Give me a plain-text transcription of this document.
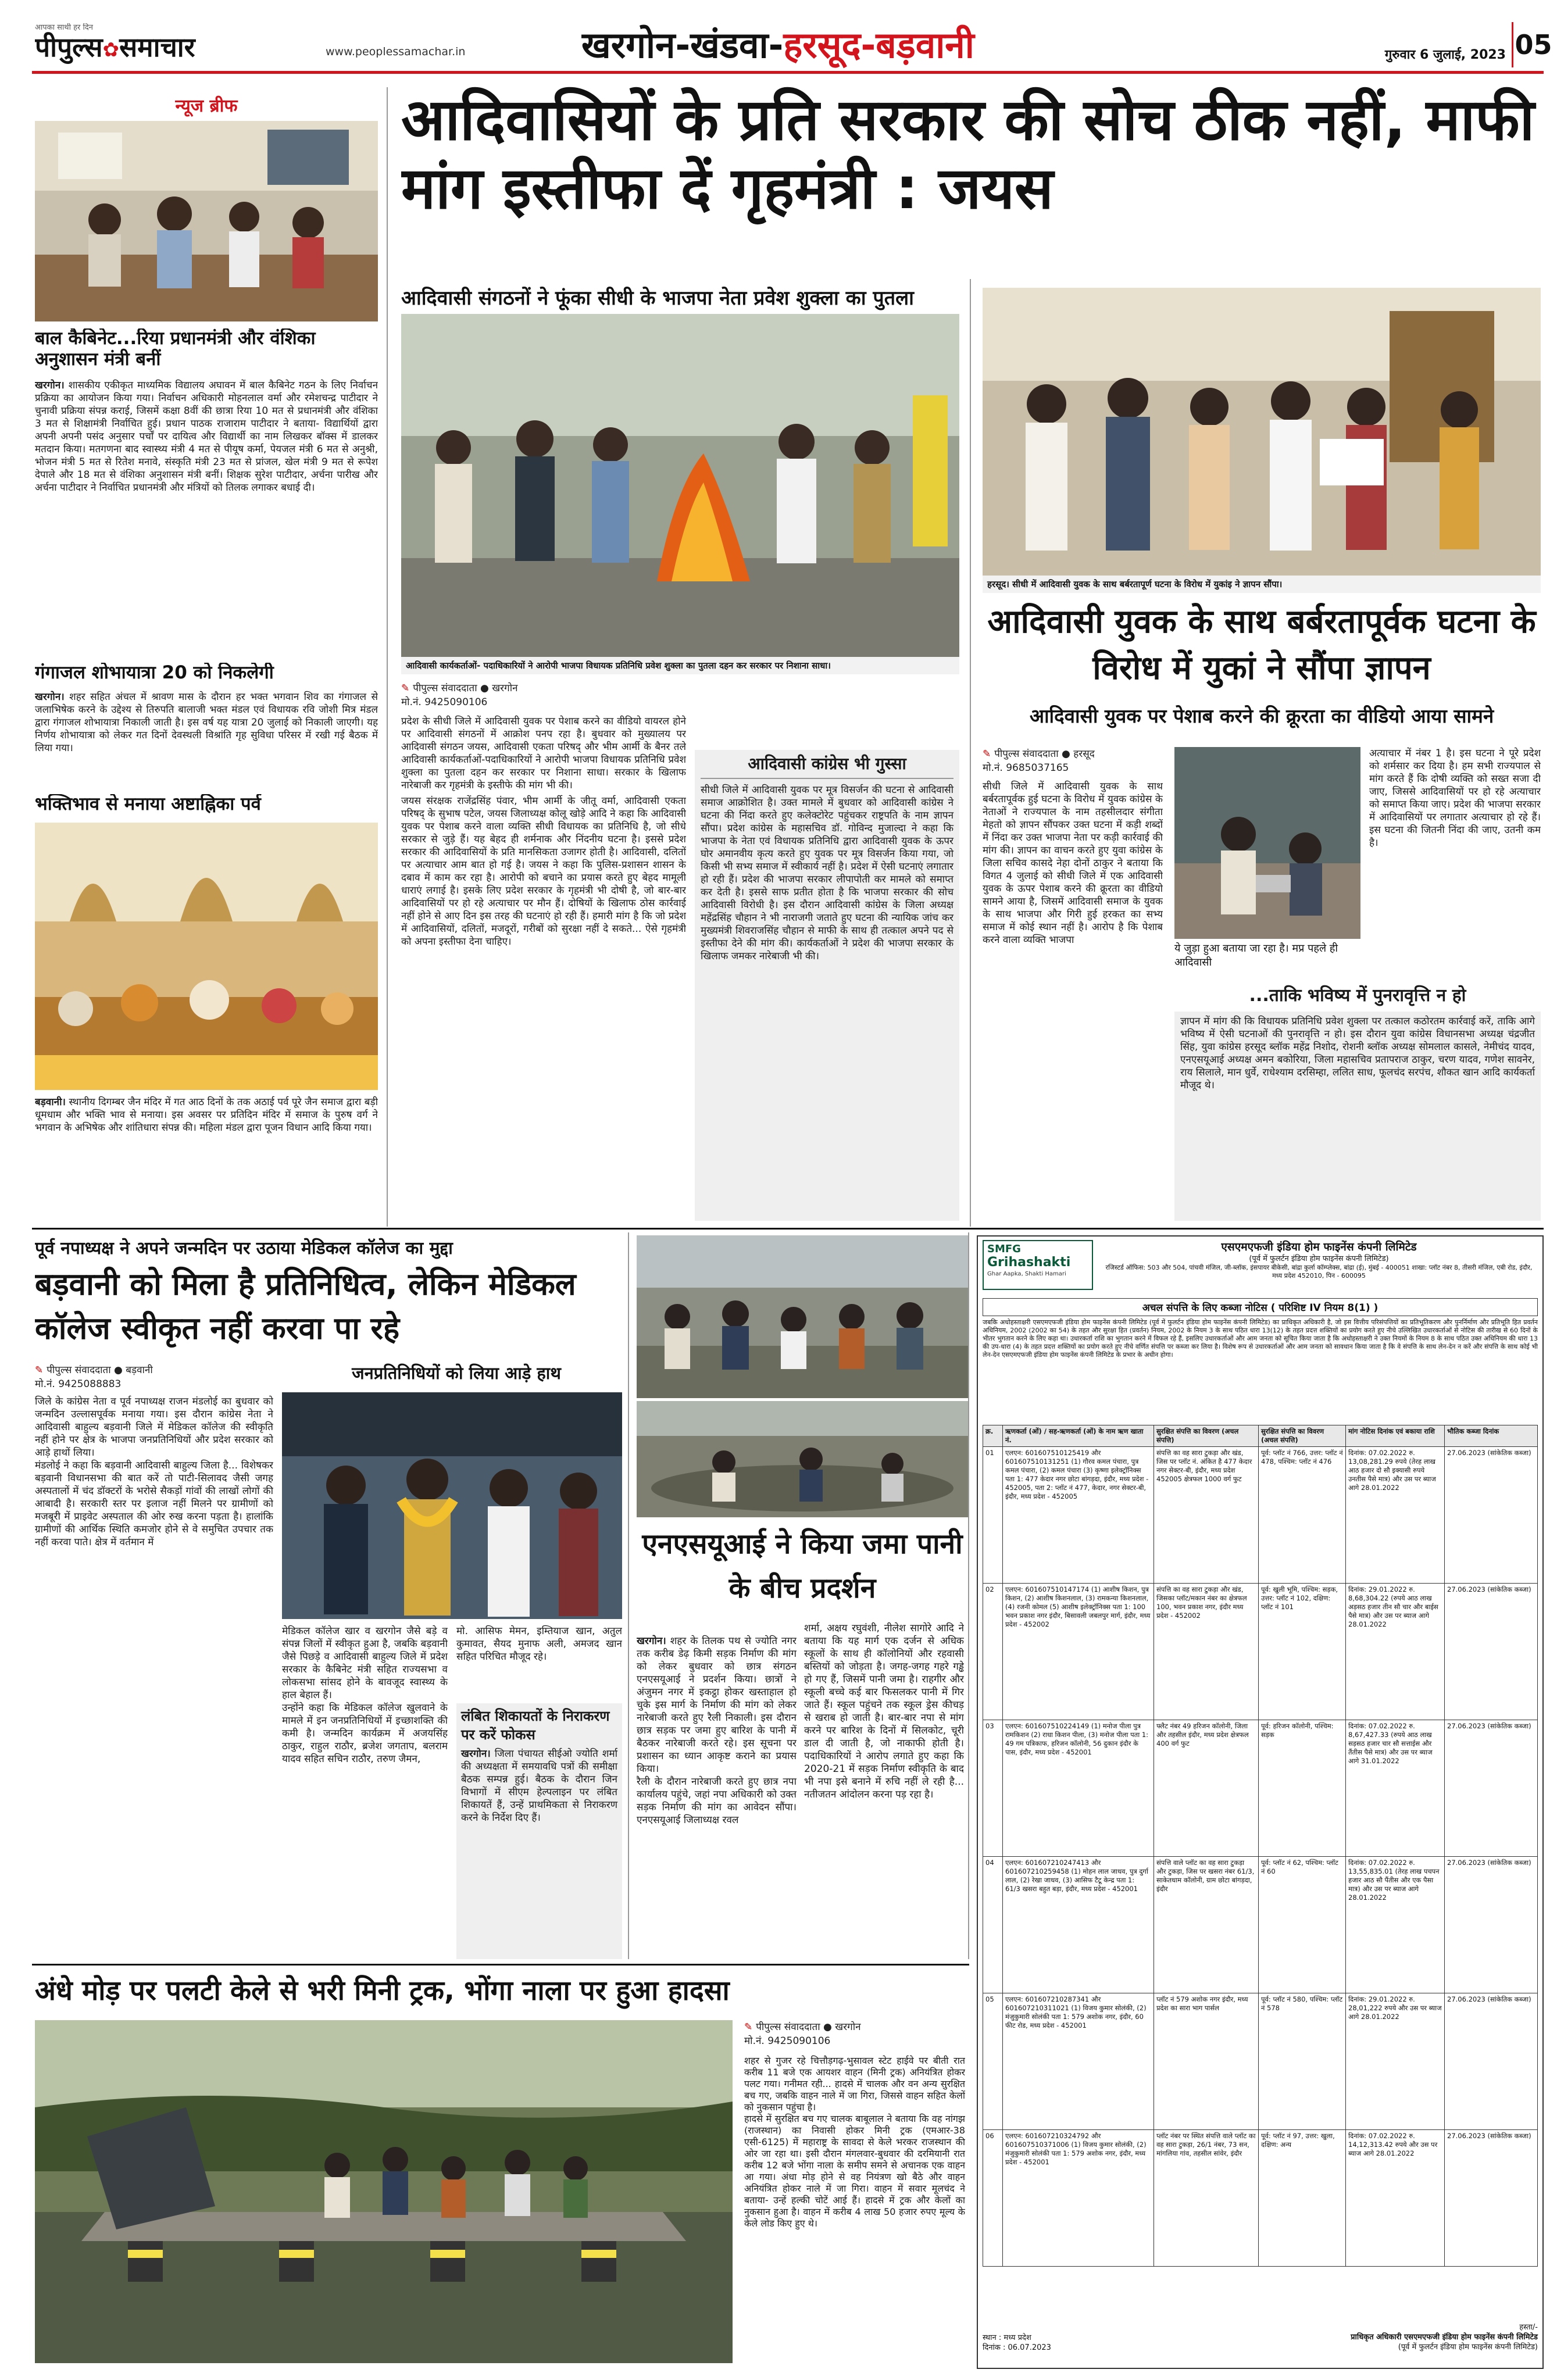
आपका साथी हर दिन
पीपुल्स✿समाचार	www.peoplessamachar.in	खरगोन-खंडवा-हरसूद-बड़वानी	गुरुवार 6 जुलाई, 2023 05
न्यूज ब्रीफ
बाल कैबिनेट...रिया प्रधानमंत्री और वंशिका अनुशासन मंत्री बनीं

खरगोन। शासकीय एकीकृत माध्यमिक विद्यालय अघावन में बाल कैबिनेट गठन के लिए निर्वाचन प्रक्रिया का आयोजन किया गया। निर्वाचन अधिकारी मोहनलाल वर्मा और रमेशचन्द्र पाटीदार ने चुनावी प्रक्रिया संपन्न कराई, जिसमें कक्षा 8वीं की छात्रा रिया 10 मत से प्रधानमंत्री और वंशिका 3 मत से शिक्षामंत्री निर्वाचित हुई। प्रधान पाठक राजाराम पाटीदार ने बताया- विद्यार्थियों द्वारा अपनी अपनी पसंद अनुसार पर्चों पर दायित्व और विद्यार्थी का नाम लिखकर बॉक्स में डालकर मतदान किया। मतगणना बाद स्वास्थ्य मंत्री 4 मत से पीयूष कर्मा, पेयजल मंत्री 6 मत से अनुश्री, भोजन मंत्री 5 मत से रितेश मनावे, संस्कृति मंत्री 23 मत से प्रांजल, खेल मंत्री 9 मत से रूपेश देपाले और 18 मत से वंशिका अनुशासन मंत्री बनीं। शिक्षक सुरेश पाटीदार, अर्चना पारीख और अर्चना पाटीदार ने निर्वाचित प्रधानमंत्री और मंत्रियों को तिलक लगाकर बधाई दी।

गंगाजल शोभायात्रा 20 को निकलेगी

खरगोन। शहर सहित अंचल में श्रावण मास के दौरान हर भक्त भगवान शिव का गंगाजल से जलाभिषेक करने के उद्देश्य से तिरुपति बालाजी भक्त मंडल एवं विधायक रवि जोशी मित्र मंडल द्वारा गंगाजल शोभायात्रा निकाली जाती है। इस वर्ष यह यात्रा 20 जुलाई को निकाली जाएगी। यह निर्णय शोभायात्रा को लेकर गत दिनों देवस्थली विश्रांति गृह सुविधा परिसर में रखी गई बैठक में लिया गया।

भक्तिभाव से मनाया अष्टाह्निका पर्व

बड़वानी। स्थानीय दिगम्बर जैन मंदिर में गत आठ दिनों के तक अठाई पर्व पूरे जैन समाज द्वारा बड़ी धूमधाम और भक्ति भाव से मनाया। इस अवसर पर प्रतिदिन मंदिर में समाज के पुरुष वर्ग ने भगवान के अभिषेक और शांतिधारा संपन्न की। महिला मंडल द्वारा पूजन विधान आदि किया गया।

आदिवासियों के प्रति सरकार की सोच ठीक नहीं, माफी मांग इस्तीफा दें गृहमंत्री : जयस
आदिवासी संगठनों ने फूंका सीधी के भाजपा नेता प्रवेश शुक्ला का पुतला
आदिवासी कार्यकर्ताओं- पदाधिकारियों ने आरोपी भाजपा विधायक प्रतिनिधि प्रवेश शुक्ला का पुतला दहन कर सरकार पर निशाना साधा।
✎ पीपुल्स संवाददाता ● खरगोन
मो.नं. 9425090106

प्रदेश के सीधी जिले में आदिवासी युवक पर पेशाब करने का वीडियो वायरल होने पर आदिवासी संगठनों में आक्रोश पनप रहा है। बुधवार को मुख्यालय पर आदिवासी संगठन जयस, आदिवासी एकता परिषद् और भीम आर्मी के बैनर तले आदिवासी कार्यकर्ताओं-पदाधिकारियों ने आरोपी भाजपा विधायक प्रतिनिधि प्रवेश शुक्ला का पुतला दहन कर सरकार पर निशाना साधा। सरकार के खिलाफ नारेबाजी कर गृहमंत्री के इस्तीफे की मांग भी की।

जयस संरक्षक राजेंद्रसिंह पंवार, भीम आर्मी के जीतू वर्मा, आदिवासी एकता परिषद् के सुभाष पटेल, जयस जिलाध्यक्ष कोलू खोड़े आदि ने कहा कि आदिवासी युवक पर पेशाब करने वाला व्यक्ति सीधी विधायक का प्रतिनिधि है, जो सीधे सरकार से जुड़े हैं। यह बेहद ही शर्मनाक और निंदनीय घटना है। इससे प्रदेश सरकार की आदिवासियों के प्रति मानसिकता उजागर होती है। आदिवासी, दलितों पर अत्याचार आम बात हो गई है। जयस ने कहा कि पुलिस-प्रशासन शासन के दबाव में काम कर रहा है। आरोपी को बचाने का प्रयास करते हुए बेहद मामूली धाराएं लगाई है। इसके लिए प्रदेश सरकार के गृहमंत्री भी दोषी है, जो बार-बार आदिवासियों पर हो रहे अत्याचार पर मौन हैं। दोषियों के खिलाफ ठोस कार्रवाई नहीं होने से आए दिन इस तरह की घटनाएं हो रही हैं। हमारी मांग है कि जो प्रदेश में आदिवासियों, दलितों, मजदूरों, गरीबों को सुरक्षा नहीं दे सकते... ऐसे गृहमंत्री को अपना इस्तीफा देना चाहिए।

आदिवासी कांग्रेस भी गुस्सा
सीधी जिले में आदिवासी युवक पर मूत्र विसर्जन की घटना से आदिवासी समाज आक्रोशित है। उक्त मामले में बुधवार को आदिवासी कांग्रेस ने घटना की निंदा करते हुए कलेक्टोरेट पहुंचकर राष्ट्रपति के नाम ज्ञापन सौंपा। प्रदेश कांग्रेस के महासचिव डॉ. गोविन्द मुजाल्दा ने कहा कि भाजपा के नेता एवं विधायक प्रतिनिधि द्वारा आदिवासी युवक के ऊपर घोर अमानवीय कृत्य करते हुए युवक पर मूत्र विसर्जन किया गया, जो किसी भी सभ्य समाज में स्वीकार्य नहीं है। प्रदेश में ऐसी घटनाएं लगातार हो रही हैं। प्रदेश की भाजपा सरकार लीपापोती कर मामले को समाप्त कर देती है। इससे साफ प्रतीत होता है कि भाजपा सरकार की सोच आदिवासी विरोधी है। इस दौरान आदिवासी कांग्रेस के जिला अध्यक्ष महेंद्रसिंह चौहान ने भी नाराजगी जताते हुए घटना की न्यायिक जांच कर मुख्यमंत्री शिवराजसिंह चौहान से माफी के साथ ही तत्काल अपने पद से इस्तीफा देने की मांग की। कार्यकर्ताओं ने प्रदेश की भाजपा सरकार के खिलाफ जमकर नारेबाजी भी की।
हरसूद। सीधी में आदिवासी युवक के साथ बर्बरतापूर्ण घटना के विरोध में युकांइ ने ज्ञापन सौंपा।
आदिवासी युवक के साथ बर्बरतापूर्वक घटना के विरोध में युकां ने सौंपा ज्ञापन
आदिवासी युवक पर पेशाब करने की क्रूरता का वीडियो आया सामने
✎ पीपुल्स संवाददाता ● हरसूद
मो.नं. 9685037165
सीधी जिले में आदिवासी युवक के साथ बर्बरतापूर्वक हुई घटना के विरोध में युवक कांग्रेस के नेताओं ने राज्यपाल के नाम तहसीलदार संगीता मेहतो को ज्ञापन सौंपकर उक्त घटना में कड़ी शब्दों में निंदा कर उक्त भाजपा नेता पर कड़ी कार्रवाई की मांग की। ज्ञापन का वाचन करते हुए युवा कांग्रेस के जिला सचिव कासदे नेहा दोनों ठाकुर ने बताया कि विगत 4 जुलाई को सीधी जिले में एक आदिवासी युवक के ऊपर पेशाब करने की क्रूरता का वीडियो सामने आया है, जिसमें आदिवासी समाज के युवक के साथ भाजपा और गिरी हुई हरकत का सभ्य समाज में कोई स्थान नहीं है। आरोप है कि पेशाब करने वाला व्यक्ति भाजपा
ये जुड़ा हुआ बताया जा रहा है। मप्र पहले ही आदिवासी
अत्याचार में नंबर 1 है। इस घटना ने पूरे प्रदेश को शर्मसार कर दिया है। हम सभी राज्यपाल से मांग करते हैं कि दोषी व्यक्ति को सख्त सजा दी जाए, जिससे आदिवासियों पर हो रहे अत्याचार को समाप्त किया जाए। प्रदेश की भाजपा सरकार में आदिवासियों पर लगातार अत्याचार हो रहे हैं। इस घटना की जितनी निंदा की जाए, उतनी कम है।
...ताकि भविष्य में पुनरावृत्ति न हो
ज्ञापन में मांग की कि विधायक प्रतिनिधि प्रवेश शुक्ला पर तत्काल कठोरतम कार्रवाई करें, ताकि आगे भविष्य में ऐसी घटनाओं की पुनरावृत्ति न हो। इस दौरान युवा कांग्रेस विधानसभा अध्यक्ष चंद्रजीत सिंह, युवा कांग्रेस हरसूद ब्लॉक महेंद्र निशोद, रोशनी ब्लॉक अध्यक्ष सोमलाल कासले, नेमीचंद यादव, एनएसयूआई अध्यक्ष अमन बकोरिया, जिला महासचिव प्रतापराज ठाकुर, चरण यादव, गणेश सावनेर, राय सिलाले, मान धुर्वे, राधेश्याम दरसिम्हा, ललित साध, फूलचंद सरपंच, शौकत खान आदि कार्यकर्ता मौजूद थे।
पूर्व नपाध्यक्ष ने अपने जन्मदिन पर उठाया मेडिकल कॉलेज का मुद्दा
बड़वानी को मिला है प्रतिनिधित्व, लेकिन मेडिकल कॉलेज स्वीकृत नहीं करवा पा रहे
✎ पीपुल्स संवाददाता ● बड़वानी
मो.नं. 9425088883
जनप्रतिनिधियों को लिया आड़े हाथ
जिले के कांग्रेस नेता व पूर्व नपाध्यक्ष राजन मंडलोई का बुधवार को जन्मदिन उल्लासपूर्वक मनाया गया। इस दौरान कांग्रेस नेता ने आदिवासी बाहुल्य बड़वानी जिले में मेडिकल कॉलेज की स्वीकृति नहीं होने पर क्षेत्र के भाजपा जनप्रतिनिधियों और प्रदेश सरकार को आड़े हाथों लिया।
मंडलोई ने कहा कि बड़वानी आदिवासी बाहुल्य जिला है... विशेषकर बड़वानी विधानसभा की बात करें तो पाटी-सिलावद जैसी जगह अस्पतालों में चंद डॉक्टरों के भरोसे सैकड़ों गांवों की लाखों लोगों की आबादी है। सरकारी स्तर पर इलाज नहीं मिलने पर ग्रामीणों को मजबूरी में प्राइवेट अस्पताल की ओर रुख करना पड़ता है। हालांकि ग्रामीणों की आर्थिक स्थिति कमजोर होने से वे समुचित उपचार तक नहीं करवा पाते। क्षेत्र में वर्तमान में
मेडिकल कॉलेज खार व खरगोन जैसे बड़े व संपन्न जिलों में स्वीकृत हुआ है, जबकि बड़वानी जैसे पिछड़े व आदिवासी बाहुल्य जिले में प्रदेश सरकार के कैबिनेट मंत्री सहित राज्यसभा व लोकसभा सांसद होने के बावजूद स्वास्थ्य के हाल बेहाल हैं।
उन्होंने कहा कि मेडिकल कॉलेज खुलवाने के मामले में इन जनप्रतिनिधियों में इच्छाशक्ति की कमी है। जन्मदिन कार्यक्रम में अजयसिंह ठाकुर, राहुल राठौर, ब्रजेश जगताप, बलराम यादव सहित सचिन राठौर, तरुण जैमन,
मो. आसिफ मेमन, इम्तियाज खान, अतुल कुमावत, सैयद मुनाफ अली, अमजद खान सहित परिचित मौजूद रहे।
लंबित शिकायतों के निराकरण पर करें फोकस
खरगोन। जिला पंचायत सीईओ ज्योति शर्मा की अध्यक्षता में समयावधि पत्रों की समीक्षा बैठक सम्पन्न हुई। बैठक के दौरान जिन विभागों में सीएम हेल्पलाइन पर लंबित शिकायतें हैं, उन्हें प्राथमिकता से निराकरण करने के निर्देश दिए हैं।
एनएसयूआई ने किया जमा पानी के बीच प्रदर्शन

खरगोन। शहर के तिलक पथ से ज्योति नगर तक करीब डेढ़ किमी सड़क निर्माण की मांग को लेकर बुधवार को छात्र संगठन एनएसयूआई ने प्रदर्शन किया। छात्रों ने अंजुमन नगर में इकट्ठा होकर खस्ताहाल हो चुके इस मार्ग के निर्माण की मांग को लेकर नारेबाजी करते हुए रैली निकाली। इस दौरान छात्र सड़क पर जमा हुए बारिश के पानी में बैठकर नारेबाजी करते रहे। इस सूचना पर प्रशासन का ध्यान आकृष्ट कराने का प्रयास किया।
रैली के दौरान नारेबाजी करते हुए छात्र नपा कार्यालय पहुंचे, जहां नपा अधिकारी को उक्त सड़क निर्माण की मांग का आवेदन सौंपा। एनएसयूआई जिलाध्यक्ष रवल

शर्मा, अक्षय रघुवंशी, नीलेश सागोरे आदि ने बताया कि यह मार्ग एक दर्जन से अधिक स्कूलों के साथ ही कॉलोनियों और रहवासी बस्तियों को जोड़ता है। जगह-जगह गहरे गड्ढे हो गए हैं, जिसमें पानी जमा है। राहगीर और स्कूली बच्चे कई बार फिसलकर पानी में गिर जाते हैं। स्कूल पहुंचने तक स्कूल ड्रेस कीचड़ से खराब हो जाती है। बार-बार नपा से मांग करने पर बारिश के दिनों में सिलकोट, चूरी डाल दी जाती है, जो नाकाफी होती है। पदाधिकारियों ने आरोप लगाते हुए कहा कि 2020-21 में सड़क निर्माण स्वीकृति के बाद भी नपा इसे बनाने में रुचि नहीं ले रही है... नतीजतन आंदोलन करना पड़ रहा है।
SMFG
Grihashakti
Ghar Aapka, Shakti Hamari
एसएमएफजी इंडिया होम फाइनेंस कंपनी लिमिटेड
(पूर्व में फुलर्टन इंडिया होम फाइनेंस कंपनी लिमिटेड)
रजिस्टर्ड ऑफिस: 503 और 504, पांचवी मंजिल, जी-ब्लॉक, इंसपायर बीकेसी, बांद्रा कुर्ला कॉम्प्लेक्स, बांद्रा (ई), मुंबई - 400051 शाखा: प्लॉट नंबर 8, तीसरी मंजिल, एबी रोड, इंदौर, मध्य प्रदेश 452010, पिन - 600095
अचल संपत्ति के लिए कब्जा नोटिस ( परिशिष्ट IV नियम 8(1) )
जबकि अधोहस्ताक्षरी एसएमएफजी इंडिया होम फाइनेंस कंपनी लिमिटेड (पूर्व में फुलर्टन इंडिया होम फाइनेंस कंपनी लिमिटेड) का प्राधिकृत अधिकारी है, जो इस वित्तीय परिसंपत्तियों का प्रतिभूतिकरण और पुनर्निर्माण और प्रतिभूति हित प्रवर्तन अधिनियम, 2002 (2002 का 54) के तहत और सुरक्षा हित (प्रवर्तन) नियम, 2002 के नियम 3 के साथ पठित धारा 13(12) के तहत प्रदत्त शक्तियों का प्रयोग करते हुए नीचे उल्लिखित उधारकर्ताओं से नोटिस की तारीख से 60 दिनों के भीतर भुगतान करने के लिए कहा था। उधारकर्ता राशि का भुगतान करने में विफल रहे हैं, इसलिए उधारकर्ताओं और आम जनता को सूचित किया जाता है कि अधोहस्ताक्षरी ने उक्त नियमों के नियम 8 के साथ पठित उक्त अधिनियम की धारा 13 की उप-धारा (4) के तहत प्रदत्त शक्तियों का प्रयोग करते हुए नीचे वर्णित संपत्ति पर कब्जा कर लिया है। विशेष रूप से उधारकर्ताओं और आम जनता को सावधान किया जाता है कि वे संपत्ति के साथ लेन-देन न करें और संपत्ति के साथ कोई भी लेन-देन एसएमएफजी इंडिया होम फाइनेंस कंपनी लिमिटेड के प्रभार के अधीन होगा।
क्र.	ऋणकर्ता (ओं) / सह-ऋणकर्ता (ओं) के नाम ऋण खाता नं.	सुरक्षित संपत्ति का विवरण (अचल संपत्ति)	सुरक्षित संपत्ति का विवरण (अचल संपत्ति)	मांग नोटिस दिनांक एवं बकाया राशि	भौतिक कब्जा दिनांक
01	एलएन: 601607510125419 और 601607510131251 (1) गौरव कमल पंचारा, पुत्र कमल पंचारा, (2) कमल पंचारा (3) कृष्णा इलेक्ट्रॉनिक्स पता 1: 477 केदार नगर छोटा बांगड़दा, इंदौर, मध्य प्रदेश - 452005, पता 2: प्लॉट नं 477, केदार, नगर सेक्टर-बी, इंदौर, मध्य प्रदेश - 452005	संपत्ति का वह सारा टुकड़ा और खंड, जिस पर प्लॉट नं. अंकित है 477 केदार नगर सेक्टर-बी, इंदौर, मध्य प्रदेश 452005 क्षेत्रफल 1000 वर्ग फुट	पूर्व: प्लॉट नं 766, उत्तर: प्लॉट नं 478, पश्चिम: प्लॉट नं 476	दिनांक: 07.02.2022 रु. 13,08,281.29 रुपये (तेरह लाख आठ हजार दो सौ इक्यासी रुपये उनतीस पैसे मात्र) और उस पर ब्याज आगे 28.01.2022	27.06.2023 (सांकेतिक कब्जा)
02	एलएन: 601607510147174 (1) आशीष किशन, पुत्र किशन, (2) आशीष किशनलाल, (3) रामकन्या किशनलाल, (4) रजनी कोमल (5) आशीष इलेक्ट्रॉनिक्स पता 1: 100 भवन प्रकाश नगर इंदौर, बिसावली जबलपुर मार्ग, इंदौर, मध्य प्रदेश - 452002	संपत्ति का वह सारा टुकड़ा और खंड, जिसका प्लॉट/मकान नंबर का क्षेत्रफल 100, भवन प्रकाश नगर, इंदौर मध्य प्रदेश - 452002	पूर्व: खुली भूमि, पश्चिम: सड़क, उत्तर: प्लॉट नं 102, दक्षिण: प्लॉट नं 101	दिनांक: 29.01.2022 रु. 8,68,304.22 (रुपये आठ लाख अड़सठ हजार तीन सौ चार और बाईस पैसे मात्र) और उस पर ब्याज आगे 28.01.2022	27.06.2023 (सांकेतिक कब्जा)
03	एलएन: 601607510224149 (1) मनोज पीला पुत्र रामकिशन (2) राधा किशन पीला, (3) मनोज पीला पता 1: 49 गम पत्रिकाफ, हरिजन कॉलोनी, 56 दुकान इंदौर के पास, इंदौर, मध्य प्रदेश - 452001	फ्लैट नंबर 49 हरिजन कॉलोनी, जिला और तहसील इंदौर, मध्य प्रदेश क्षेत्रफल 400 वर्ग फुट	पूर्व: हरिजन कॉलोनी, पश्चिम: सड़क	दिनांक: 07.02.2022 रु. 8,67,427.33 (रुपये आठ लाख सड़सठ हजार चार सौ सत्ताईस और तैंतीस पैसे मात्र) और उस पर ब्याज आगे 31.01.2022	27.06.2023 (सांकेतिक कब्जा)
04	एलएन: 601607210247413 और 601607210259458 (1) मोहन लाल जाधव, पुत्र दुर्गा लाल, (2) रेखा जाधव, (3) आसिफ टैटू केन्द्र पता 1: 61/3 खसरा बहुत बड़ा, इंदौर, मध्य प्रदेश - 452001	संपत्ति वाले प्लॉट का वह सारा टुकड़ा और टुकड़ा, जिस पर खसरा नंबर 61/3, साकेतधाम कॉलोनी, ग्राम छोटा बांगड़दा, इंदौर	पूर्व: प्लॉट नं 62, पश्चिम: प्लॉट नं 60	दिनांक: 07.02.2022 रु. 13,55,835.01 (तेरह लाख पचपन हजार आठ सौ पैंतीस और एक पैसा मात्र) और उस पर ब्याज आगे 28.01.2022	27.06.2023 (सांकेतिक कब्जा)
05	एलएन: 601607210287341 और 601607210311021 (1) विजय कुमार सोलंकी, (2) मंजुकुमारी सोलंकी पता 1: 579 अशोक नगर, इंदौर, 60 फीट रोड, मध्य प्रदेश - 452001	प्लॉट नं 579 अशोक नगर इंदौर, मध्य प्रदेश का सारा भाग पार्सल	पूर्व: प्लॉट नं 580, पश्चिम: प्लॉट नं 578	दिनांक: 29.01.2022 रु. 28,01,222 रुपये और उस पर ब्याज आगे 28.01.2022	27.06.2023 (सांकेतिक कब्जा)
06	एलएन: 601607210324792 और 601607510371006 (1) विजय कुमार सोलंकी, (2) मंजुकुमारी सोलंकी पता 1: 579 अशोक नगर, इंदौर, मध्य प्रदेश - 452001	प्लॉट नंबर पर स्थित संपत्ति वाले प्लॉट का वह सारा टुकड़ा, 26/1 नंबर, 73 सन, मांगलिया गांव, तहसील सांवेर, इंदौर	पूर्व: प्लॉट नं 97, उत्तर: खुला, दक्षिण: अन्य	दिनांक: 07.02.2022 रु. 14,12,313.42 रुपये और उस पर ब्याज आगे 28.01.2022	27.06.2023 (सांकेतिक कब्जा)
स्थान : मध्य प्रदेश
दिनांक : 06.07.2023
हस्ता/-
प्राधिकृत अधिकारी एसएमएफजी इंडिया होम फाइनेंस कंपनी लिमिटेड
(पूर्व में फुलर्टन इंडिया होम फाइनेंस कंपनी लिमिटेड)
अंधे मोड़ पर पलटी केले से भरी मिनी ट्रक, भोंगा नाला पर हुआ हादसा
✎ पीपुल्स संवाददाता ● खरगोन
मो.नं. 9425090106
शहर से गुजर रहे चित्तौड़गढ़-भुसावल स्टेट हाईवे पर बीती रात करीब 11 बजे एक आयशर वाहन (मिनी ट्रक) अनियंत्रित होकर पलट गया। गनीमत रही... हादसे में चालक और वन अन्य सुरक्षित बच गए, जबकि वाहन नाले में जा गिरा, जिससे वाहन सहित केलों को नुकसान पहुंचा है।
हादसे में सुरक्षित बच गए चालक बाबूलाल ने बताया कि वह नांगझ (राजस्थान) का निवासी होकर मिनी ट्रक (एमआर-38 एसी-6125) में महाराष्ट्र के सावदा से केले भरकर राजस्थान की ओर जा रहा था। इसी दौरान मंगलवार-बुधवार की दरमियानी रात करीब 12 बजे भोंगा नाला के समीप समने से अचानक एक वाहन आ गया। अंधा मोड़ होने से वह नियंत्रण खो बैठे और वाहन अनियंत्रित होकर नाले में जा गिरा। वाहन में सवार मूलचंद ने बताया- उन्हें हल्की चोटें आई हैं। हादसे में ट्रक और केलों का नुकसान हुआ है। वाहन में करीब 4 लाख 50 हजार रुपए मूल्य के केले लोड किए हुए थे।
